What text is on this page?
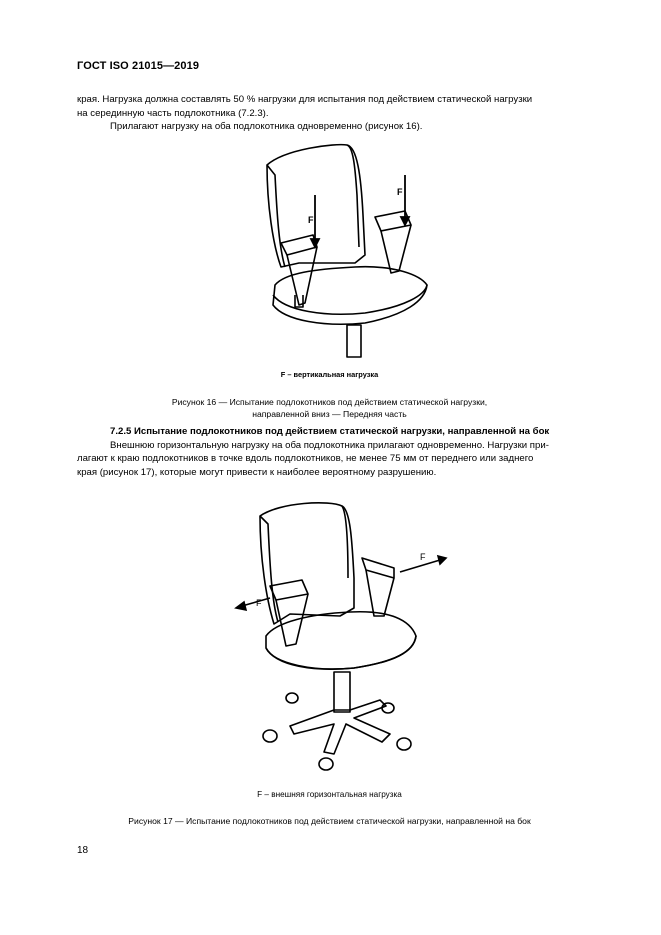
ГОСТ ISO 21015—2019
края. Нагрузка должна составлять 50 % нагрузки для испытания под действием статической нагрузки
на серединную часть подлокотника (7.2.3).
Прилагают нагрузку на оба подлокотника одновременно (рисунок 16).
F
F
F – вертикальная нагрузка
Рисунок 16 — Испытание подлокотников под действием статической нагрузки,
направленной вниз — Передняя часть
7.2.5 Испытание подлокотников под действием статической нагрузки, направленной на бок
Внешнюю горизонтальную нагрузку на оба подлокотника прилагают одновременно. Нагрузки при-
лагают к краю подлокотников в точке вдоль подлокотников, не менее 75 мм от переднего или заднего
края (рисунок 17), которые могут привести к наиболее вероятному разрушению.
F
F
F – внешняя горизонтальная нагрузка
Рисунок 17 — Испытание подлокотников под действием статической нагрузки, направленной на бок
18
